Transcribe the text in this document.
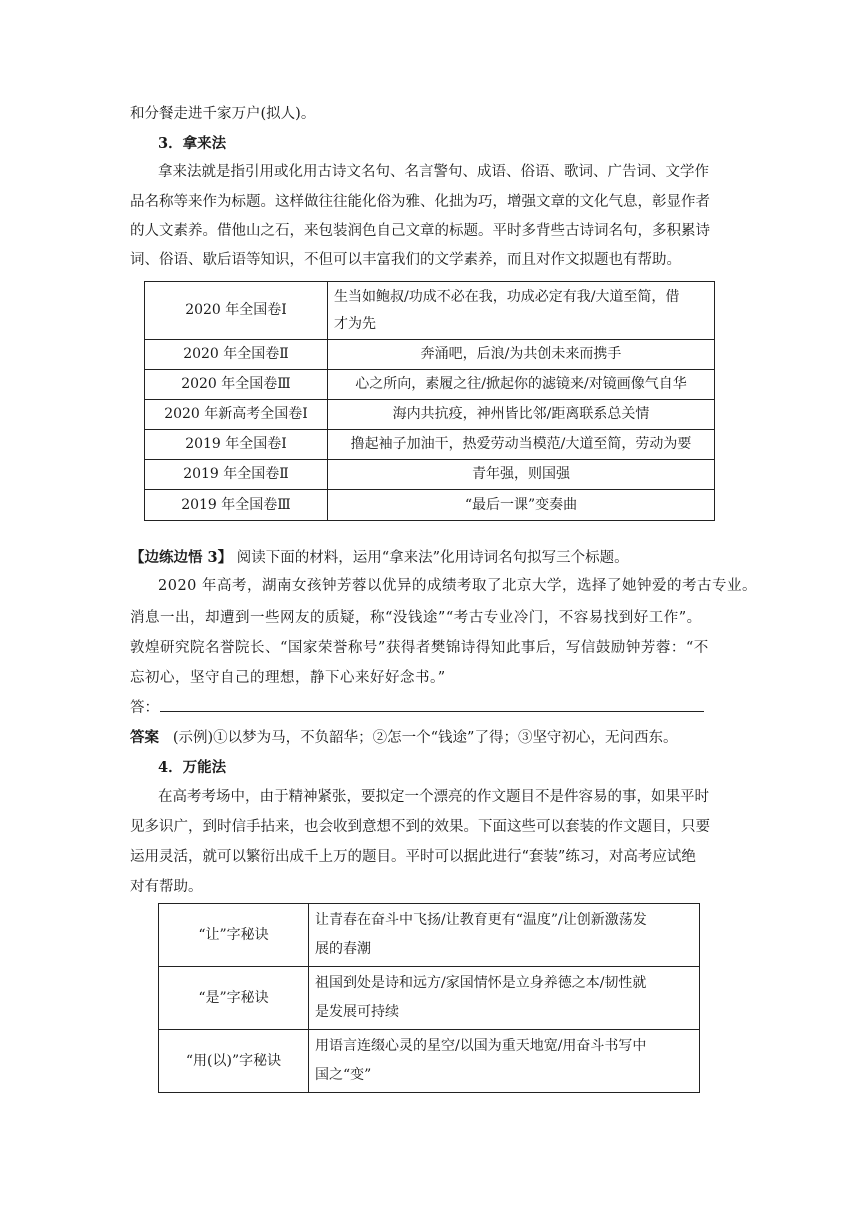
和分餐走进千家万户(拟人)。
3．拿来法
拿来法就是指引用或化用古诗文名句、名言警句、成语、俗语、歌词、广告词、文学作
品名称等来作为标题。这样做往往能化俗为雅、化拙为巧，增强文章的文化气息，彰显作者
的人文素养。借他山之石，来包装润色自己文章的标题。平时多背些古诗词名句，多积累诗
词、俗语、歇后语等知识，不但可以丰富我们的文学素养，而且对作文拟题也有帮助。
2020 年全国卷Ⅰ	生当如鲍叔/功成不必在我，功成必定有我/大道至简，借
才为先

2020 年全国卷Ⅱ	奔涌吧，后浪/为共创未来而携手
2020 年全国卷Ⅲ	心之所向，素履之往/掀起你的滤镜来/对镜画像气自华
2020 年新高考全国卷Ⅰ	海内共抗疫，神州皆比邻/距离联系总关情
2019 年全国卷Ⅰ	撸起袖子加油干，热爱劳动当模范/大道至简，劳动为要
2019 年全国卷Ⅱ	青年强，则国强
2019 年全国卷Ⅲ	“最后一课”变奏曲
【边练边悟 3】 阅读下面的材料，运用“拿来法”化用诗词名句拟写三个标题。
2020 年高考，湖南女孩钟芳蓉以优异的成绩考取了北京大学，选择了她钟爱的考古专业。
消息一出，却遭到一些网友的质疑，称“没钱途”“考古专业冷门，不容易找到好工作”。
敦煌研究院名誉院长、“国家荣誉称号”获得者樊锦诗得知此事后，写信鼓励钟芳蓉：“不
忘初心，坚守自己的理想，静下心来好好念书。”
答：
答案 (示例)①以梦为马，不负韶华；②怎一个“钱途”了得；③坚守初心，无问西东。
4．万能法
在高考考场中，由于精神紧张，要拟定一个漂亮的作文题目不是件容易的事，如果平时
见多识广，到时信手拈来，也会收到意想不到的效果。下面这些可以套装的作文题目，只要
运用灵活，就可以繁衍出成千上万的题目。平时可以据此进行“套装”练习，对高考应试绝
对有帮助。
“让”字秘诀	让青春在奋斗中飞扬/让教育更有“温度”/让创新激荡发
展的春潮

“是”字秘诀	祖国到处是诗和远方/家国情怀是立身养德之本/韧性就
是发展可持续

“用(以)”字秘诀	用语言连缀心灵的星空/以国为重天地宽/用奋斗书写中
国之“变”
